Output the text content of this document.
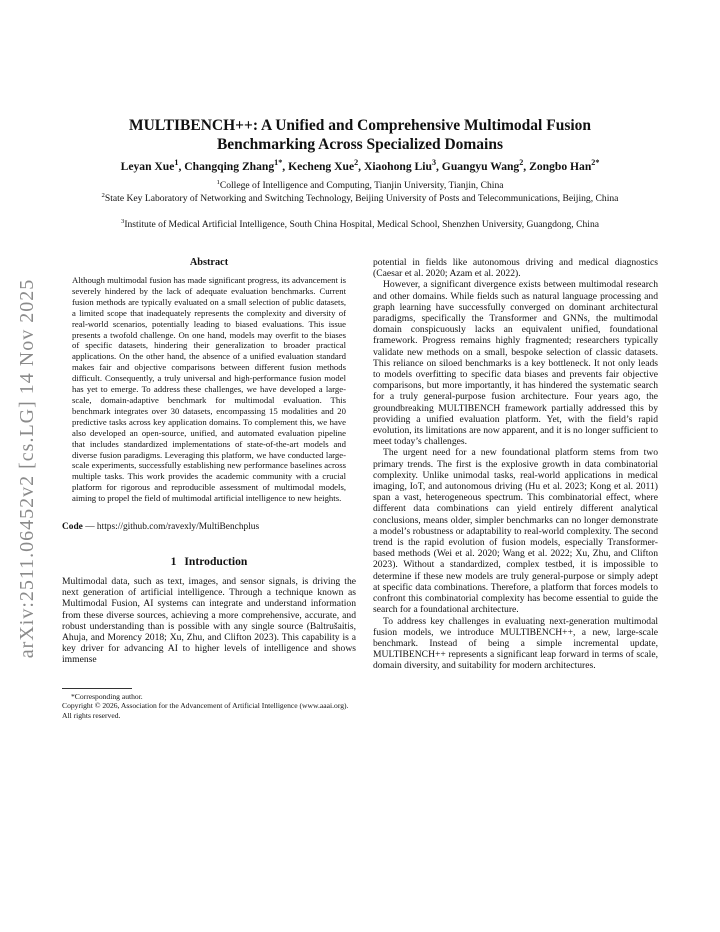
arXiv:2511.06452v2 [cs.LG] 14 Nov 2025
MULTIBENCH++: A Unified and Comprehensive Multimodal Fusion
Benchmarking Across Specialized Domains
Leyan Xue$^1$, Changqing Zhang$^{1*}$, Kecheng Xue$^2$, Xiaohong Liu$^3$, Guangyu Wang$^2$, Zongbo Han$^{2*}$
$^1$College of Intelligence and Computing, Tianjin University, Tianjin, China
$^2$State Key Laboratory of Networking and Switching Technology, Beijing University of Posts and Telecommunications, Beijing, China
$^3$Institute of Medical Artificial Intelligence, South China Hospital, Medical School, Shenzhen University, Guangdong, China
Abstract

Although multimodal fusion has made significant progress, its advancement is severely hindered by the lack of adequate evaluation benchmarks. Current fusion methods are typically evaluated on a small selection of public datasets, a limited scope that inadequately represents the complexity and diversity of real-world scenarios, potentially leading to biased evaluations. This issue presents a twofold challenge. On one hand, models may overfit to the biases of specific datasets, hindering their generalization to broader practical applications. On the other hand, the absence of a unified evaluation standard makes fair and objective comparisons between different fusion methods difficult. Consequently, a truly universal and high-performance fusion model has yet to emerge. To address these challenges, we have developed a large-scale, domain-adaptive benchmark for multimodal evaluation. This benchmark integrates over 30 datasets, encompassing 15 modalities and 20 predictive tasks across key application domains. To complement this, we have also developed an open-source, unified, and automated evaluation pipeline that includes standardized implementations of state-of-the-art models and diverse fusion paradigms. Leveraging this platform, we have conducted large-scale experiments, successfully establishing new performance baselines across multiple tasks. This work provides the academic community with a crucial platform for rigorous and reproducible assessment of multimodal models, aiming to propel the field of multimodal artificial intelligence to new heights.

Code — https://github.com/ravexly/MultiBenchplus

1 Introduction

Multimodal data, such as text, images, and sensor signals, is driving the next generation of artificial intelligence. Through a technique known as Multimodal Fusion, AI systems can integrate and understand information from these diverse sources, achieving a more comprehensive, accurate, and robust understanding than is possible with any single source (Baltrušaitis, Ahuja, and Morency 2018; Xu, Zhu, and Clifton 2023). This capability is a key driver for advancing AI to higher levels of intelligence and shows immense

*Corresponding author.

Copyright © 2026, Association for the Advancement of Artificial Intelligence (www.aaai.org). All rights reserved.

potential in fields like autonomous driving and medical diagnostics (Caesar et al. 2020; Azam et al. 2022).

However, a significant divergence exists between multimodal research and other domains. While fields such as natural language processing and graph learning have successfully converged on dominant architectural paradigms, specifically the Transformer and GNNs, the multimodal domain conspicuously lacks an equivalent unified, foundational framework. Progress remains highly fragmented; researchers typically validate new methods on a small, bespoke selection of classic datasets. This reliance on siloed benchmarks is a key bottleneck. It not only leads to models overfitting to specific data biases and prevents fair objective comparisons, but more importantly, it has hindered the systematic search for a truly general-purpose fusion architecture. Four years ago, the groundbreaking MULTIBENCH framework partially addressed this by providing a unified evaluation platform. Yet, with the field’s rapid evolution, its limitations are now apparent, and it is no longer sufficient to meet today’s challenges.

The urgent need for a new foundational platform stems from two primary trends. The first is the explosive growth in data combinatorial complexity. Unlike unimodal tasks, real-world applications in medical imaging, IoT, and autonomous driving (Hu et al. 2023; Kong et al. 2011) span a vast, heterogeneous spectrum. This combinatorial effect, where different data combinations can yield entirely different analytical conclusions, means older, simpler benchmarks can no longer demonstrate a model’s robustness or adaptability to real-world complexity. The second trend is the rapid evolution of fusion models, especially Transformer-based methods (Wei et al. 2020; Wang et al. 2022; Xu, Zhu, and Clifton 2023). Without a standardized, complex testbed, it is impossible to determine if these new models are truly general-purpose or simply adept at specific data combinations. Therefore, a platform that forces models to confront this combinatorial complexity has become essential to guide the search for a foundational architecture.

To address key challenges in evaluating next-generation multimodal fusion models, we introduce MULTIBENCH++, a new, large-scale benchmark. Instead of being a simple incremental update, MULTIBENCH++ represents a significant leap forward in terms of scale, domain diversity, and suitability for modern architectures.
